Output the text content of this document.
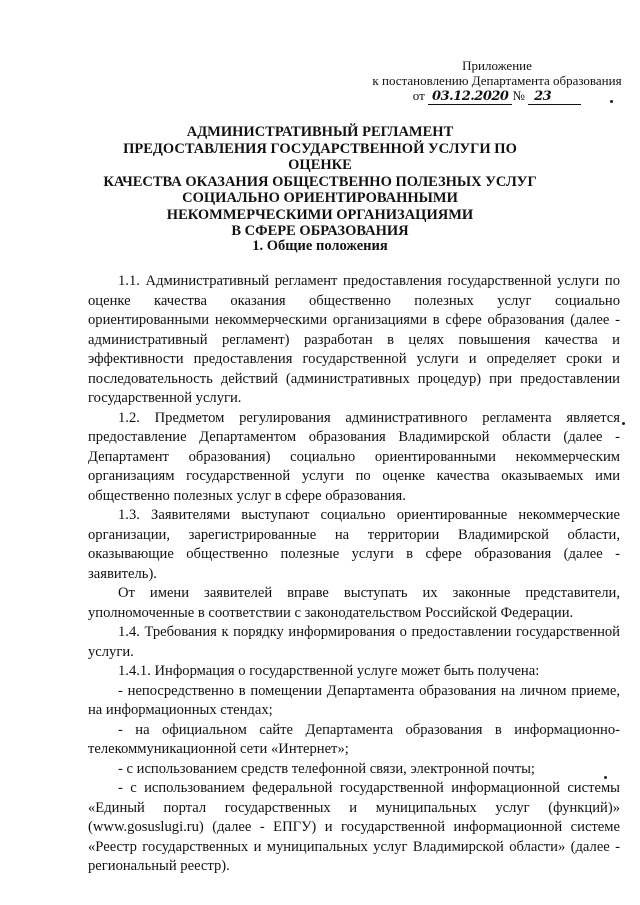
Приложение
к постановлению Департамента образования
от 03.12.2020 № 23
АДМИНИСТРАТИВНЫЙ РЕГЛАМЕНТ
ПРЕДОСТАВЛЕНИЯ ГОСУДАРСТВЕННОЙ УСЛУГИ ПО ОЦЕНКЕ
КАЧЕСТВА ОКАЗАНИЯ ОБЩЕСТВЕННО ПОЛЕЗНЫХ УСЛУГ
СОЦИАЛЬНО ОРИЕНТИРОВАННЫМИ
НЕКОММЕРЧЕСКИМИ ОРГАНИЗАЦИЯМИ
В СФЕРЕ ОБРАЗОВАНИЯ
1. Общие положения

1.1. Административный регламент предоставления государственной услуги по оценке качества оказания общественно полезных услуг социально ориентированными некоммерческими организациями в сфере образования (далее - административный регламент) разработан в целях повышения качества и эффективности предоставления государственной услуги и определяет сроки и последовательность действий (административных процедур) при предоставлении государственной услуги.

1.2. Предметом регулирования административного регламента является предоставление Департаментом образования Владимирской области (далее - Департамент образования) социально ориентированными некоммерческим организациям государственной услуги по оценке качества оказываемых ими общественно полезных услуг в сфере образования.

1.3. Заявителями выступают социально ориентированные некоммерческие организации, зарегистрированные на территории Владимирской области, оказывающие общественно полезные услуги в сфере образования (далее - заявитель).

От имени заявителей вправе выступать их законные представители, уполномоченные в соответствии с законодательством Российской Федерации.

1.4. Требования к порядку информирования о предоставлении государственной услуги.

1.4.1. Информация о государственной услуге может быть получена:

- непосредственно в помещении Департамента образования на личном приеме, на информационных стендах;

- на официальном сайте Департамента образования в информационно-телекоммуникационной сети «Интернет»;

- с использованием средств телефонной связи, электронной почты;

- с использованием федеральной государственной информационной системы «Единый портал государственных и муниципальных услуг (функций)» (www.gosuslugi.ru) (далее - ЕПГУ) и государственной информационной системе «Реестр государственных и муниципальных услуг Владимирской области» (далее - региональный реестр).
